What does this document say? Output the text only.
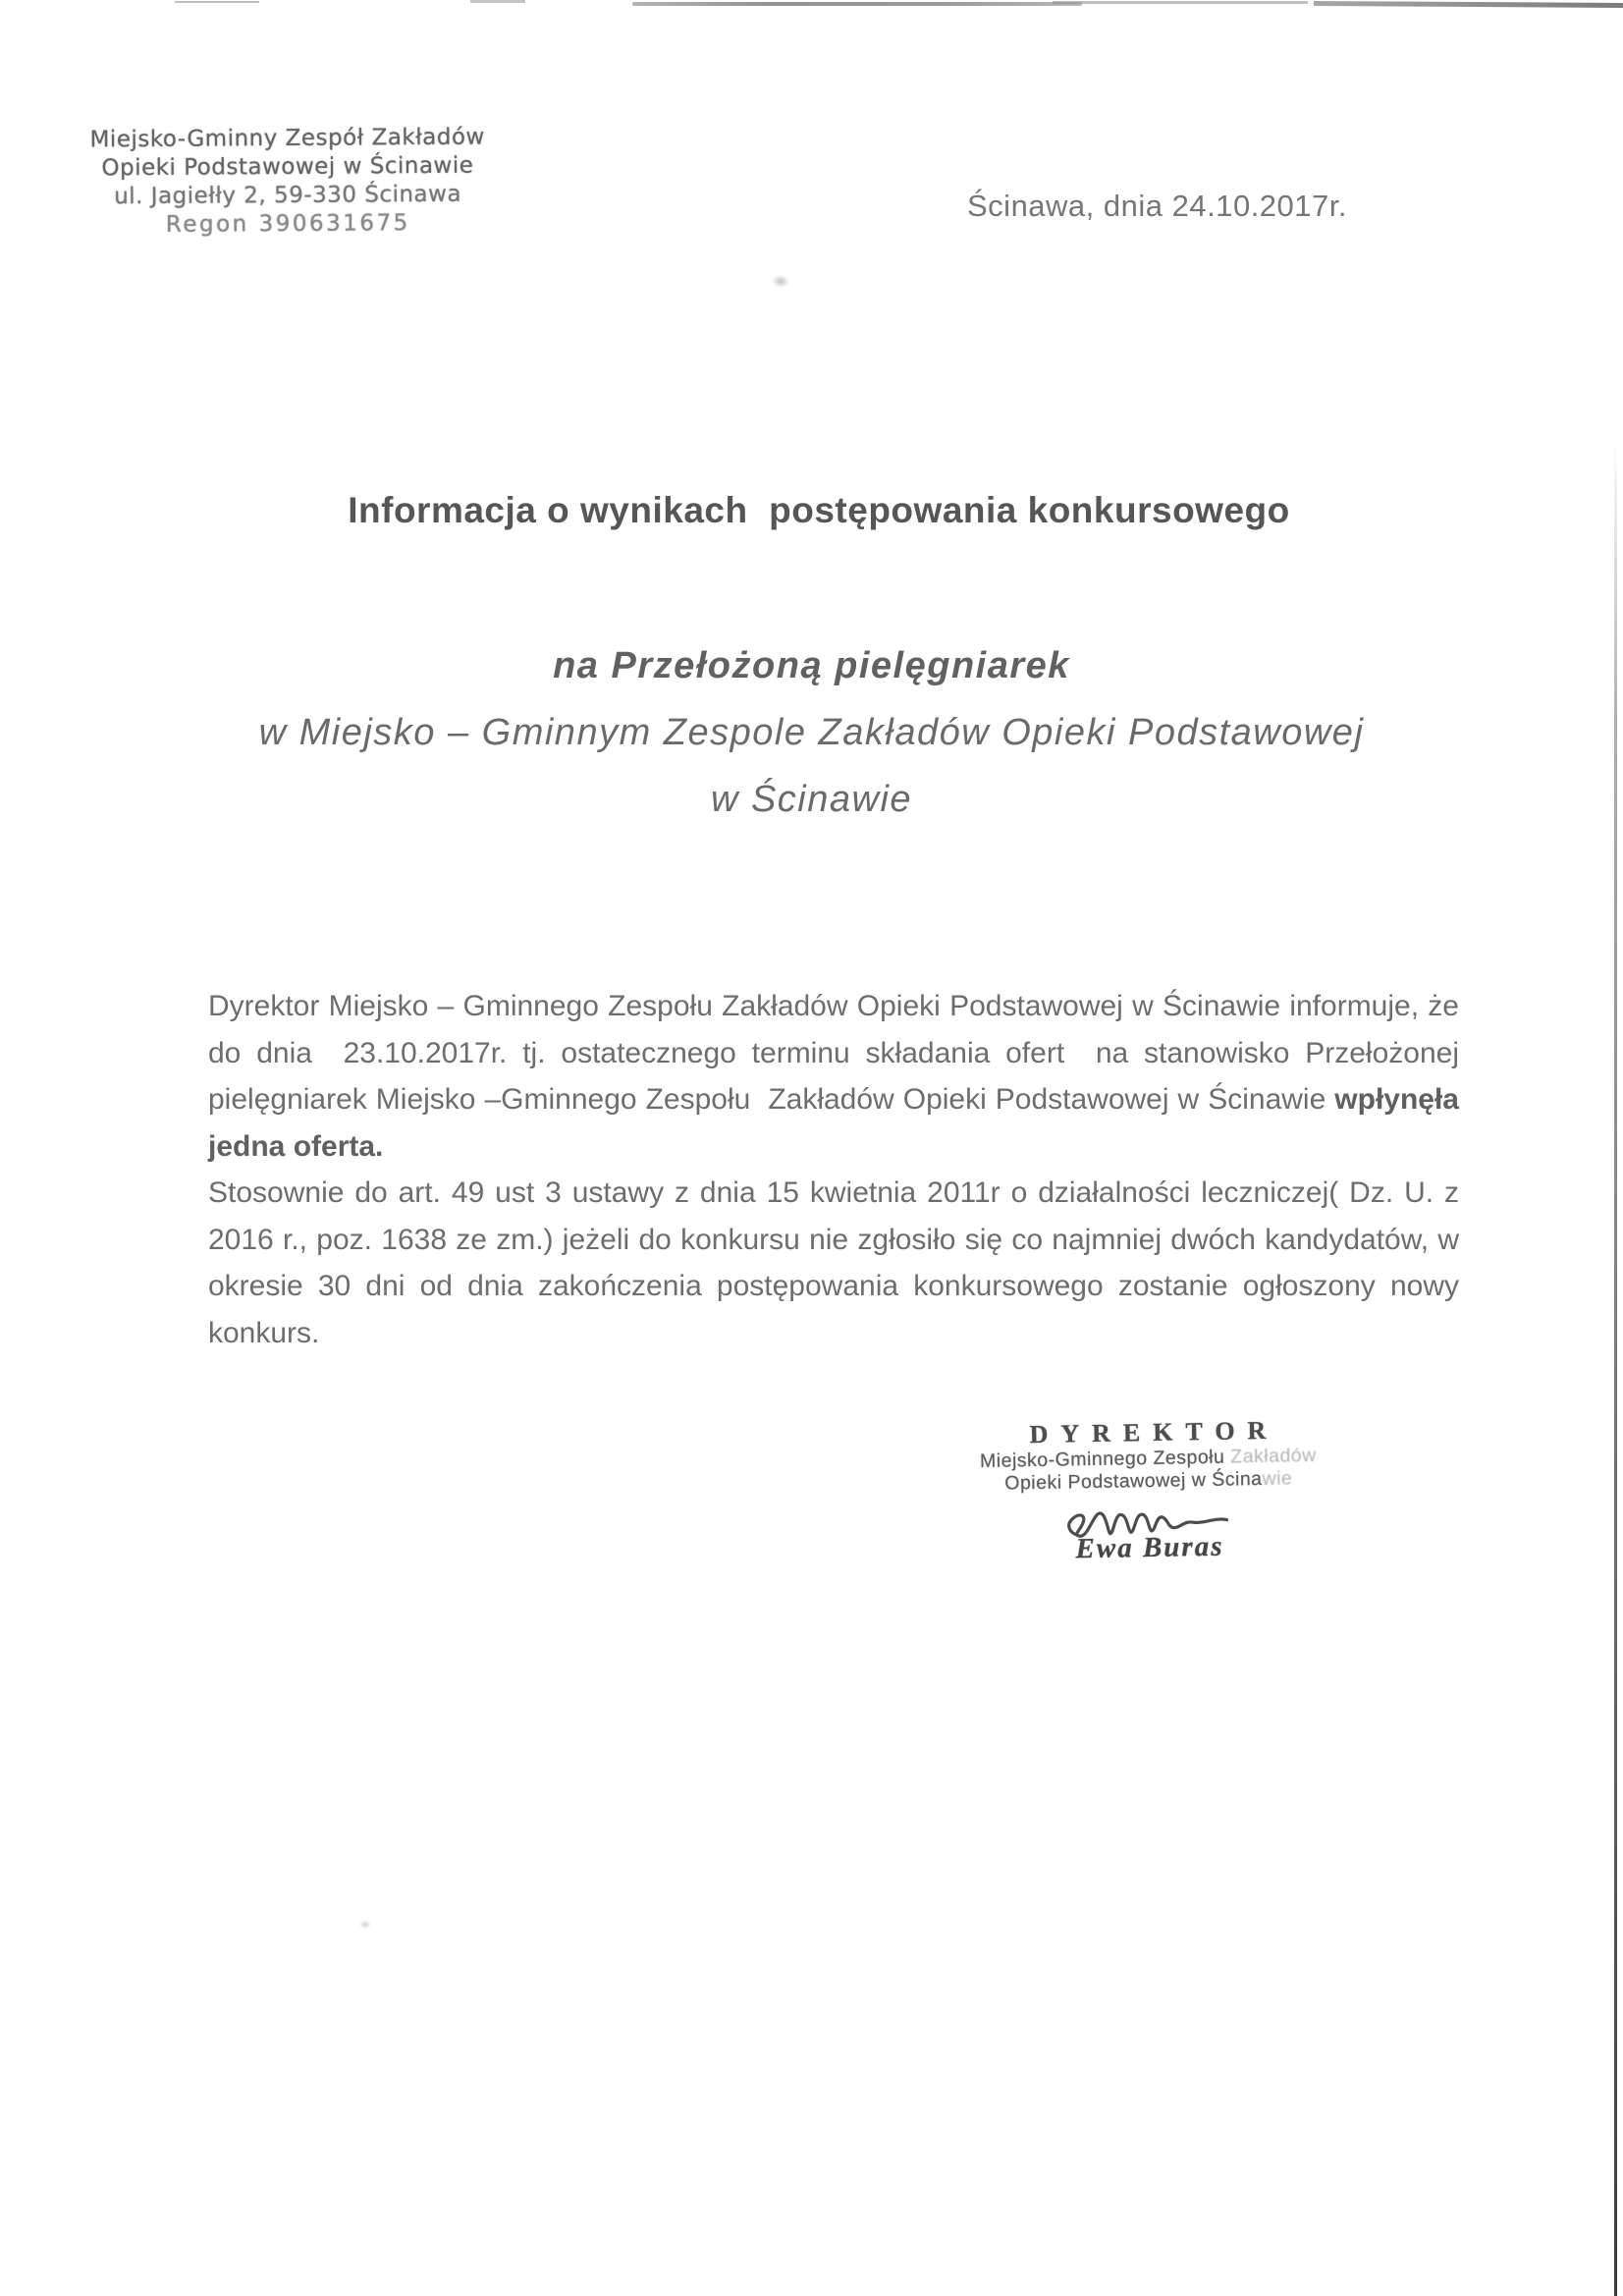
Miejsko-Gminny Zespół Zakładów
Opieki Podstawowej w Ścinawie
ul. Jagiełły 2, 59-330 Ścinawa
Regon 390631675
Ścinawa, dnia 24.10.2017r.
Informacja o wynikach  postępowania konkursowego
na Przełożoną pielęgniarek
w Miejsko – Gminnym Zespole Zakładów Opieki Podstawowej
w Ścinawie

Dyrektor Miejsko – Gminnego Zespołu Zakładów Opieki Podstawowej w Ścinawie informuje, że do dnia  23.10.2017r. tj. ostatecznego terminu składania ofert  na stanowisko Przełożonej pielęgniarek Miejsko –Gminnego Zespołu  Zakładów Opieki Podstawowej w Ścinawie wpłynęła jedna oferta.

Stosownie do art. 49 ust 3 ustawy z dnia 15 kwietnia 2011r o działalności leczniczej( Dz. U. z 2016 r., poz. 1638 ze zm.) jeżeli do konkursu nie zgłosiło się co najmniej dwóch kandydatów, w okresie 30 dni od dnia zakończenia postępowania konkursowego zostanie ogłoszony nowy konkurs.

DYREKTOR
Miejsko-Gminnego Zespołu Zakładów
Opieki Podstawowej w Ścinawie
Ewa Buras
